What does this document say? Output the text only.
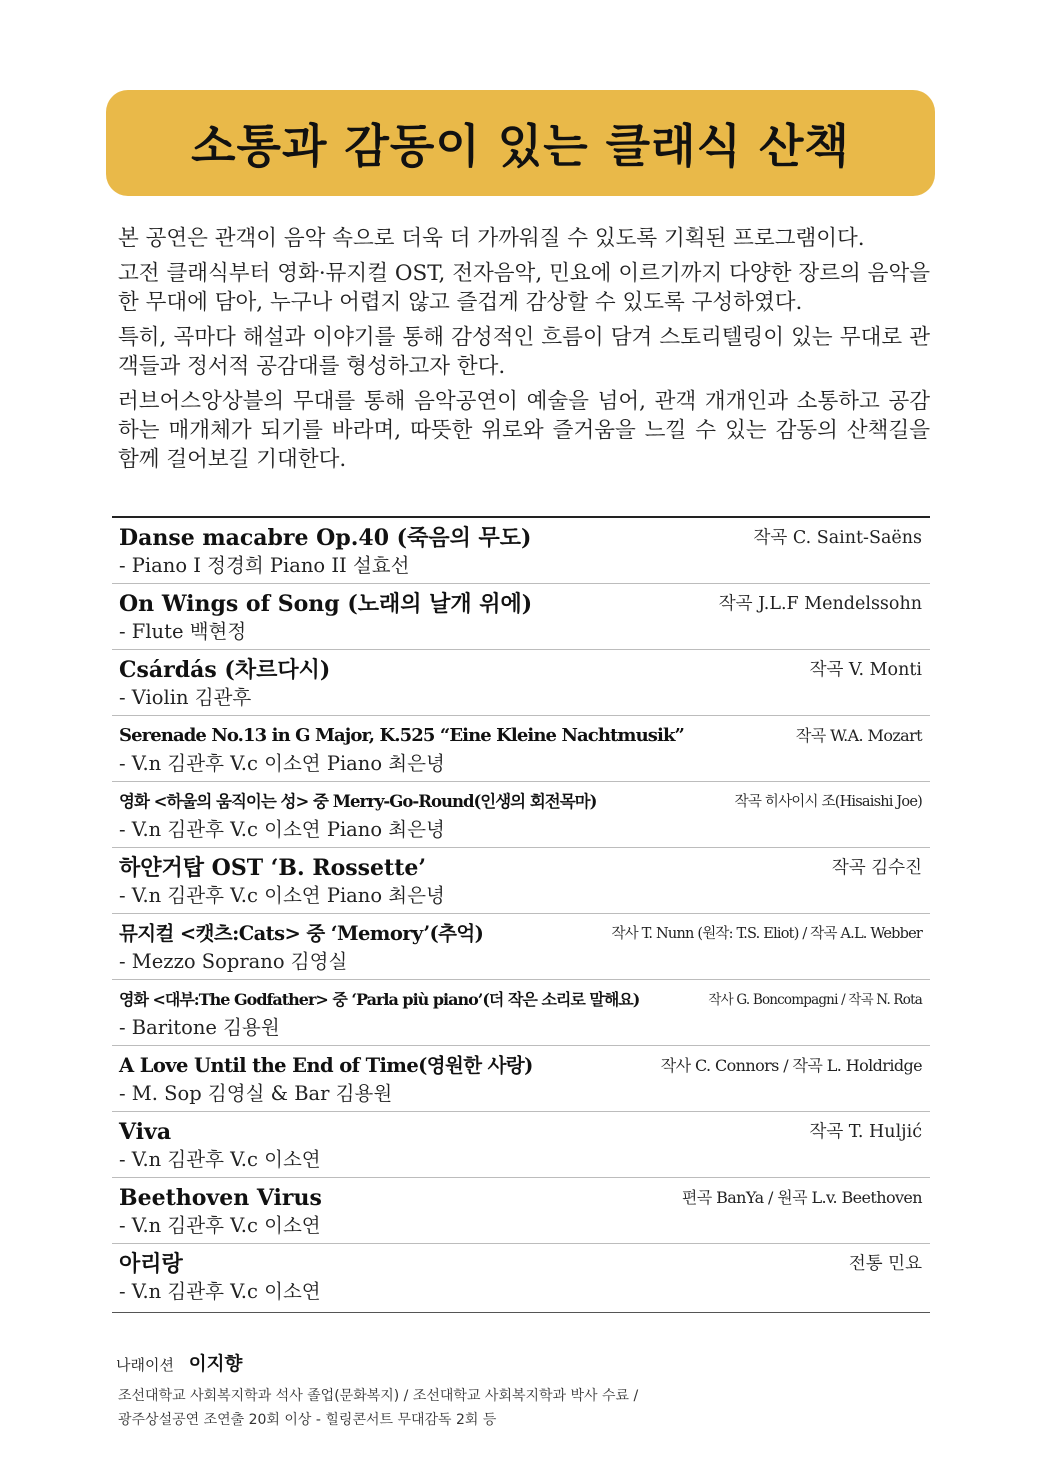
소통과 감동이 있는 클래식 산책

본 공연은 관객이 음악 속으로 더욱 더 가까워질 수 있도록 기획된 프로그램이다.

고전 클래식부터 영화·뮤지컬 OST, 전자음악, 민요에 이르기까지 다양한 장르의 음악을 한 무대에 담아, 누구나 어렵지 않고 즐겁게 감상할 수 있도록 구성하였다.

특히, 곡마다 해설과 이야기를 통해 감성적인 흐름이 담겨 스토리텔링이 있는 무대로 관객들과 정서적 공감대를 형성하고자 한다.

러브어스앙상블의 무대를 통해 음악공연이 예술을 넘어, 관객 개개인과 소통하고 공감하는 매개체가 되기를 바라며, 따뜻한 위로와 즐거움을 느낄 수 있는 감동의 산책길을 함께 걸어보길 기대한다.

Danse macabre Op.40 (죽음의 무도)	작곡 C. Saint-Saëns
- Piano I 정경희 Piano II 설효선
On Wings of Song (노래의 날개 위에)	작곡 J.L.F Mendelssohn
- Flute 백현정
Csárdás (차르다시)	작곡 V. Monti
- Violin 김관후
Serenade No.13 in G Major, K.525 “Eine Kleine Nachtmusik”	작곡 W.A. Mozart
- V.n 김관후 V.c 이소연 Piano 최은녕
영화 <하울의 움직이는 성> 중 Merry-Go-Round(인생의 회전목마)	작곡 히사이시 조(Hisaishi Joe)
- V.n 김관후 V.c 이소연 Piano 최은녕
하얀거탑 OST ‘B. Rossette’	작곡 김수진
- V.n 김관후 V.c 이소연 Piano 최은녕
뮤지컬 <캣츠:Cats> 중 ‘Memory’(추억)	작사 T. Nunn (원작: T.S. Eliot) / 작곡 A.L. Webber
- Mezzo Soprano 김영실
영화 <대부:The Godfather> 중 ‘Parla più piano’(더 작은 소리로 말해요)	작사 G. Boncompagni / 작곡 N. Rota
- Baritone 김용원
A Love Until the End of Time(영원한 사랑)	작사 C. Connors / 작곡 L. Holdridge
- M. Sop 김영실 & Bar 김용원
Viva	작곡 T. Huljić
- V.n 김관후 V.c 이소연
Beethoven Virus	편곡 BanYa / 원곡 L.v. Beethoven
- V.n 김관후 V.c 이소연
아리랑	전통 민요
- V.n 김관후 V.c 이소연
나래이션 이지향
조선대학교 사회복지학과 석사 졸업(문화복지) / 조선대학교 사회복지학과 박사 수료 /
광주상설공연 조연출 20회 이상 - 힐링콘서트 무대감독 2회 등
